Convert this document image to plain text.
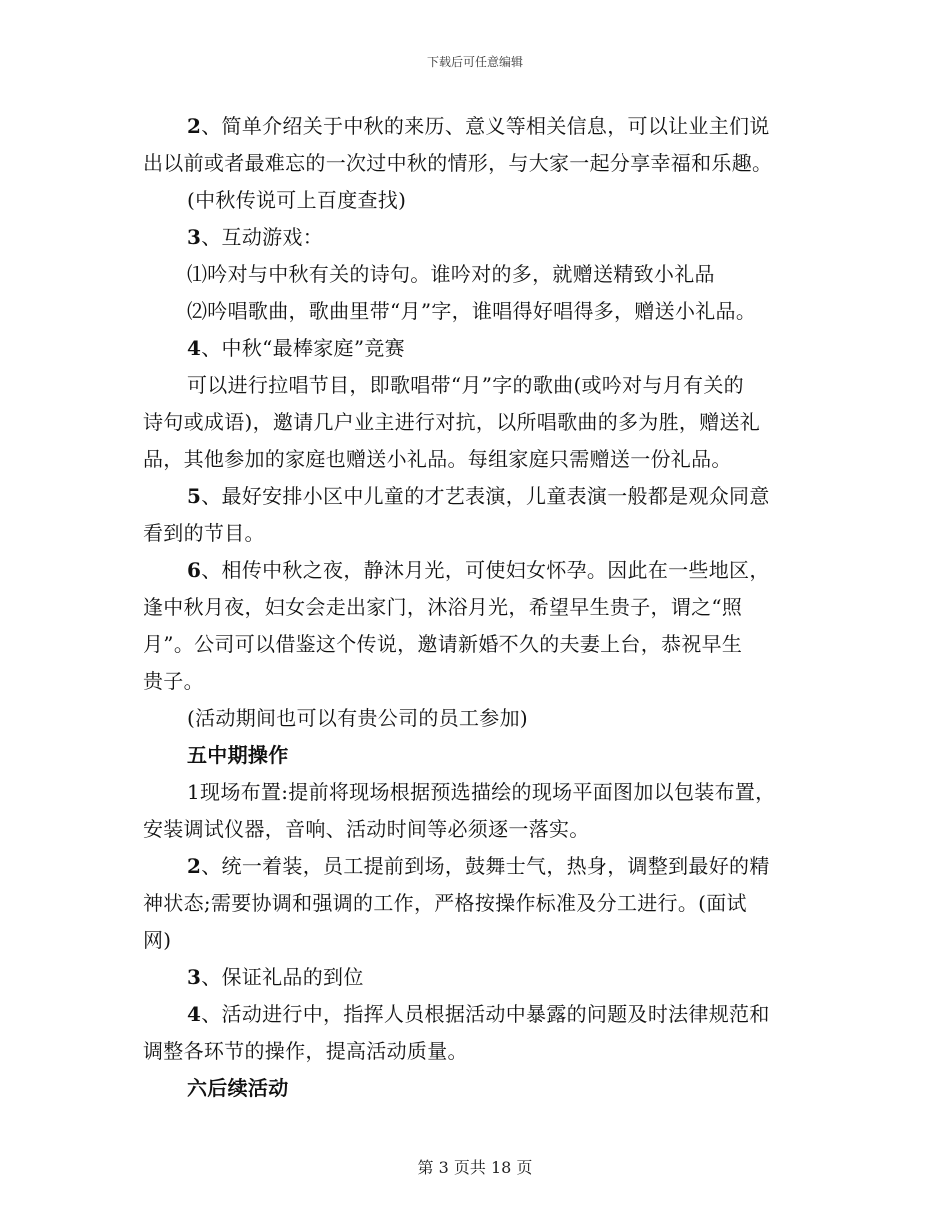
下载后可任意编辑
2、简单介绍关于中秋的来历、意义等相关信息，可以让业主们说
出以前或者最难忘的一次过中秋的情形，与大家一起分享幸福和乐趣。
(中秋传说可上百度查找)
3、互动游戏：
⑴吟对与中秋有关的诗句。谁吟对的多，就赠送精致小礼品
⑵吟唱歌曲，歌曲里带“月”字，谁唱得好唱得多，赠送小礼品。
4、中秋“最棒家庭”竞赛
可以进行拉唱节目，即歌唱带“月”字的歌曲(或吟对与月有关的
诗句或成语)，邀请几户业主进行对抗，以所唱歌曲的多为胜，赠送礼
品，其他参加的家庭也赠送小礼品。每组家庭只需赠送一份礼品。
5、最好安排小区中儿童的才艺表演，儿童表演一般都是观众同意
看到的节目。
6、相传中秋之夜，静沐月光，可使妇女怀孕。因此在一些地区，
逢中秋月夜，妇女会走出家门，沐浴月光，希望早生贵子，谓之“照
月”。公司可以借鉴这个传说，邀请新婚不久的夫妻上台，恭祝早生
贵子。
(活动期间也可以有贵公司的员工参加)
五中期操作
1现场布置:提前将现场根据预选描绘的现场平面图加以包装布置，
安装调试仪器，音响、活动时间等必须逐一落实。
2、统一着装，员工提前到场，鼓舞士气，热身，调整到最好的精
神状态;需要协调和强调的工作，严格按操作标准及分工进行。(面试
网)
3、保证礼品的到位
4、活动进行中，指挥人员根据活动中暴露的问题及时法律规范和
调整各环节的操作，提高活动质量。
六后续活动
第 3 页共 18 页
